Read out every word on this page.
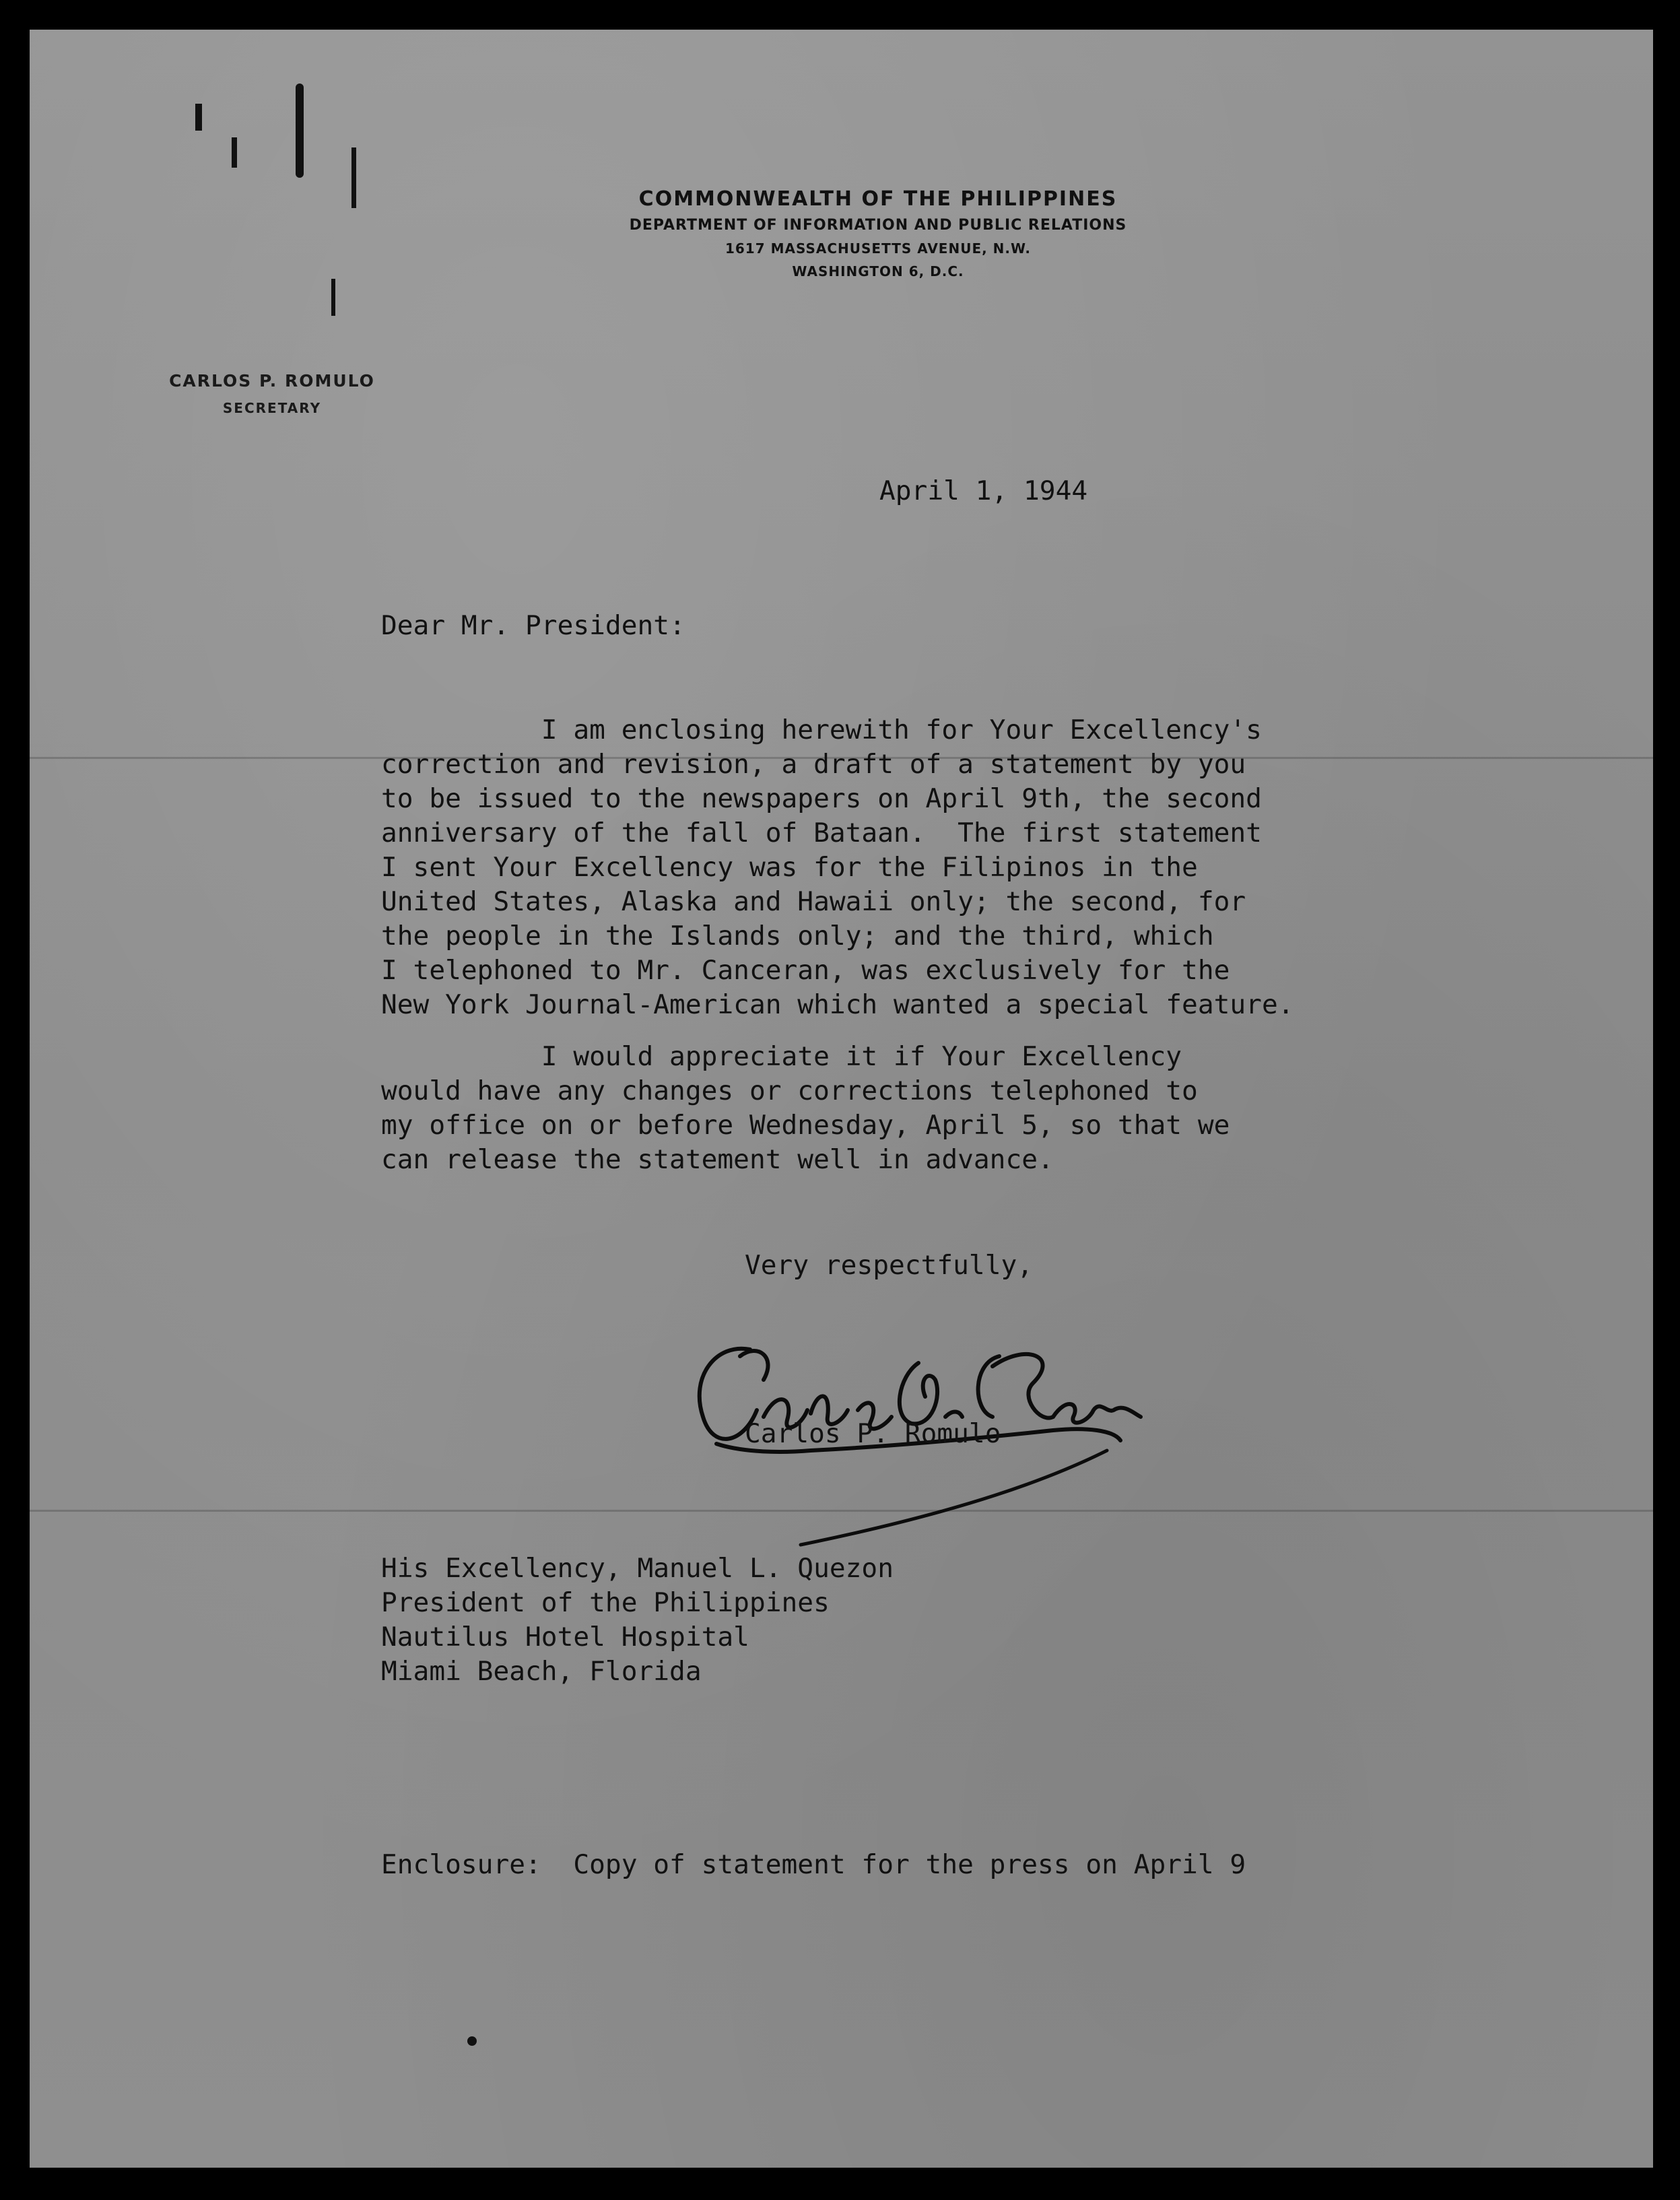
COMMONWEALTH OF THE PHILIPPINES
DEPARTMENT OF INFORMATION AND PUBLIC RELATIONS
1617 MASSACHUSETTS AVENUE, N.W.
WASHINGTON 6, D.C.
CARLOS P. ROMULO
SECRETARY
April 1, 1944
Dear Mr. President:
I am enclosing herewith for Your Excellency's
correction and revision, a draft of a statement by you
to be issued to the newspapers on April 9th, the second
anniversary of the fall of Bataan.  The first statement
I sent Your Excellency was for the Filipinos in the
United States, Alaska and Hawaii only; the second, for
the people in the Islands only; and the third, which
I telephoned to Mr. Canceran, was exclusively for the
New York Journal-American which wanted a special feature.
I would appreciate it if Your Excellency
would have any changes or corrections telephoned to
my office on or before Wednesday, April 5, so that we
can release the statement well in advance.
Very respectfully,
Carlos P. Romulo
His Excellency, Manuel L. Quezon
President of the Philippines
Nautilus Hotel Hospital
Miami Beach, Florida
Enclosure:  Copy of statement for the press on April 9
